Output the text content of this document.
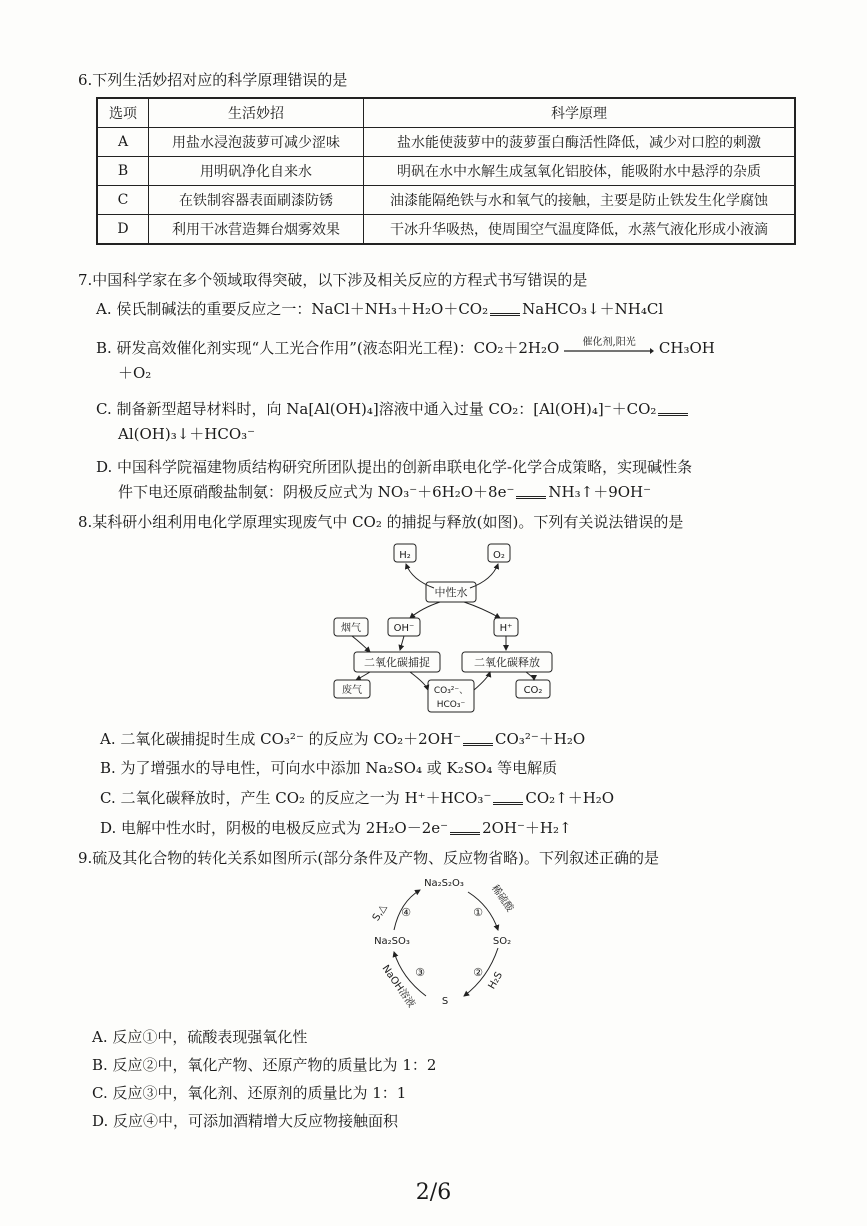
6.下列生活妙招对应的科学原理错误的是
选项	生活妙招	科学原理
A	用盐水浸泡菠萝可减少涩味	盐水能使菠萝中的菠萝蛋白酶活性降低，减少对口腔的刺激
B	用明矾净化自来水	明矾在水中水解生成氢氧化铝胶体，能吸附水中悬浮的杂质
C	在铁制容器表面刷漆防锈	油漆能隔绝铁与水和氧气的接触，主要是防止铁发生化学腐蚀
D	利用干冰营造舞台烟雾效果	干冰升华吸热，使周围空气温度降低，水蒸气液化形成小液滴
7.中国科学家在多个领域取得突破，以下涉及相关反应的方程式书写错误的是
A. 侯氏制碱法的重要反应之一：NaCl＋NH₃＋H₂O＋CO₂ NaHCO₃↓＋NH₄Cl
B. 研发高效催化剂实现“人工光合作用”(液态阳光工程)：CO₂＋2H₂O	催化剂,阳光	CH₃OH
＋O₂
C. 制备新型超导材料时，向 Na[Al(OH)₄]溶液中通入过量 CO₂：[Al(OH)₄]⁻＋CO₂
Al(OH)₃↓＋HCO₃⁻
D. 中国科学院福建物质结构研究所团队提出的创新串联电化学-化学合成策略，实现碱性条
件下电还原硝酸盐制氨：阴极反应式为 NO₃⁻＋6H₂O＋8e⁻ NH₃↑＋9OH⁻
8.某科研小组利用电化学原理实现废气中 CO₂ 的捕捉与释放(如图)。下列有关说法错误的是
H₂	O₂
中性水
OH⁻	H⁺
烟气
二氧化碳捕捉	二氧化碳释放
废气	CO₃²⁻、
HCO₃⁻
CO₂
A. 二氧化碳捕捉时生成 CO₃²⁻ 的反应为 CO₂＋2OH⁻ CO₃²⁻＋H₂O
B. 为了增强水的导电性，可向水中添加 Na₂SO₄ 或 K₂SO₄ 等电解质
C. 二氧化碳释放时，产生 CO₂ 的反应之一为 H⁺＋HCO₃⁻ CO₂↑＋H₂O
D. 电解中性水时，阴极的电极反应式为 2H₂O－2e⁻ 2OH⁻＋H₂↑
9.硫及其化合物的转化关系如图所示(部分条件及产物、反应物省略)。下列叙述正确的是
Na₂S₂O₃
SO₂
S
Na₂SO₃
①
②
③
④	稀硫酸
H₂S
NaOH溶液
S,△
A. 反应①中，硫酸表现强氧化性
B. 反应②中，氧化产物、还原产物的质量比为 1：2
C. 反应③中，氧化剂、还原剂的质量比为 1：1
D. 反应④中，可添加酒精增大反应物接触面积
2/6
